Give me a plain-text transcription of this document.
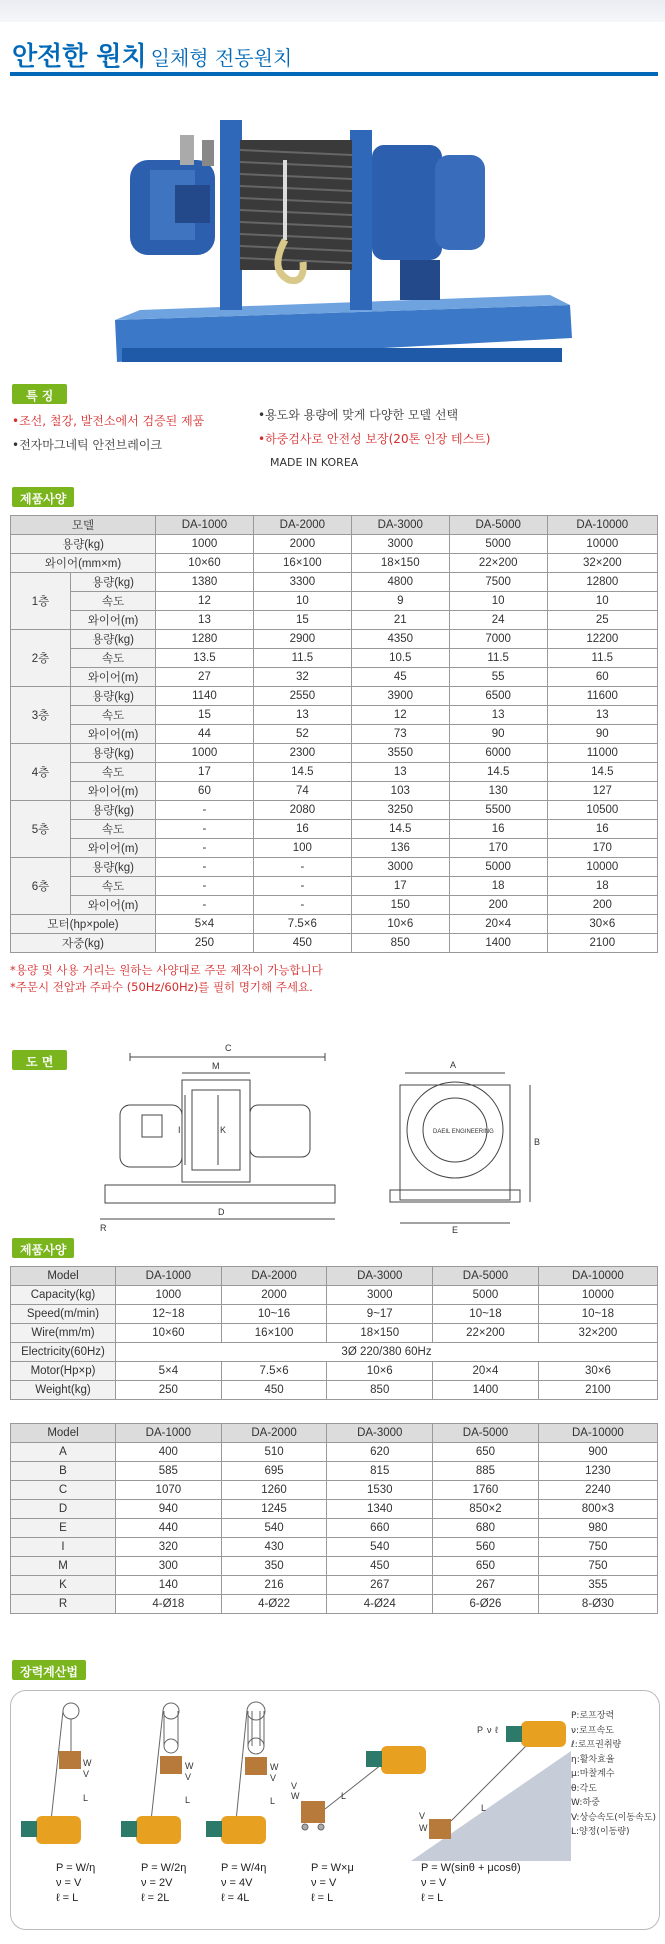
안전한 원치 일체형 전동원치
특 징
•조선, 철강, 발전소에서 검증된 제품	•용도와 용량에 맞게 다양한 모델 선택
•전자마그네틱 안전브레이크	•하중검사로 안전성 보장(20톤 인장 테스트)
MADE IN KOREA
제품사양
모델		DA-1000	DA-2000	DA-3000	DA-5000	DA-10000
용량(kg)		1000	2000	3000	5000	10000
와이어(mm×m)		10×60	16×100	18×150	22×200	32×200
1층	용량(kg)	1380	3300	4800	7500	12800
	속도	12	10	9	10	10
	와이어(m)	13	15	21	24	25
2층	용량(kg)	1280	2900	4350	7000	12200
	속도	13.5	11.5	10.5	11.5	11.5
	와이어(m)	27	32	45	55	60
3층	용량(kg)	1140	2550	3900	6500	11600
	속도	15	13	12	13	13
	와이어(m)	44	52	73	90	90
4층	용량(kg)	1000	2300	3550	6000	11000
	속도	17	14.5	13	14.5	14.5
	와이어(m)	60	74	103	130	127
5층	용량(kg)	-	2080	3250	5500	10500
	속도	-	16	14.5	16	16
	와이어(m)	-	100	136	170	170
6층	용량(kg)	-	-	3000	5000	10000
	속도	-	-	17	18	18
	와이어(m)	-	-	150	200	200
모터(hp×pole)		5×4	7.5×6	10×6	20×4	30×6
자중(kg)		250	450	850	1400	2100
*용량 및 사용 거리는 원하는 사양대로 주문 제작이 가능합니다
*주문시 전압과 주파수 (50Hz/60Hz)를 필히 명기해 주세요.
도 면
C
M
K
I
D
R
A
B
E
DAEIL ENGINEERING
제품사양
Model	DA-1000	DA-2000	DA-3000	DA-5000	DA-10000
Capacity(kg)	1000	2000	3000	5000	10000
Speed(m/min)	12~18	10~16	9~17	10~18	10~18
Wire(mm/m)	10×60	16×100	18×150	22×200	32×200
Electricity(60Hz)	3Ø 220/380 60Hz				
Motor(Hp×p)	5×4	7.5×6	10×6	20×4	30×6
Weight(kg)	250	450	850	1400	2100
Model	DA-1000	DA-2000	DA-3000	DA-5000	DA-10000
A	400	510	620	650	900
B	585	695	815	885	1230
C	1070	1260	1530	1760	2240
D	940	1245	1340	850×2	800×3
E	440	540	660	680	980
I	320	430	540	560	750
M	300	350	450	650	750
K	140	216	267	267	355
R	4-Ø18	4-Ø22	4-Ø24	6-Ø26	8-Ø30
장력계산법
W
V
L
W
V
L
W
V
L W
V
L
W
V
L
P ν ℓ
P = W/η
ν = V
ℓ = L
P = W/2η
ν = 2V
ℓ = 2L
P = W/4η
ν = 4V
ℓ = 4L
P = W×μ
ν = V
ℓ = L
P = W(sinθ + μcosθ)
ν = V
ℓ = L
P:로프장력
ν:로프속도
ℓ:로프권취량
η:활차효율
μ:마찰계수
θ:각도
W:하중
V:상승속도(이동속도)
L:양정(이동량)
